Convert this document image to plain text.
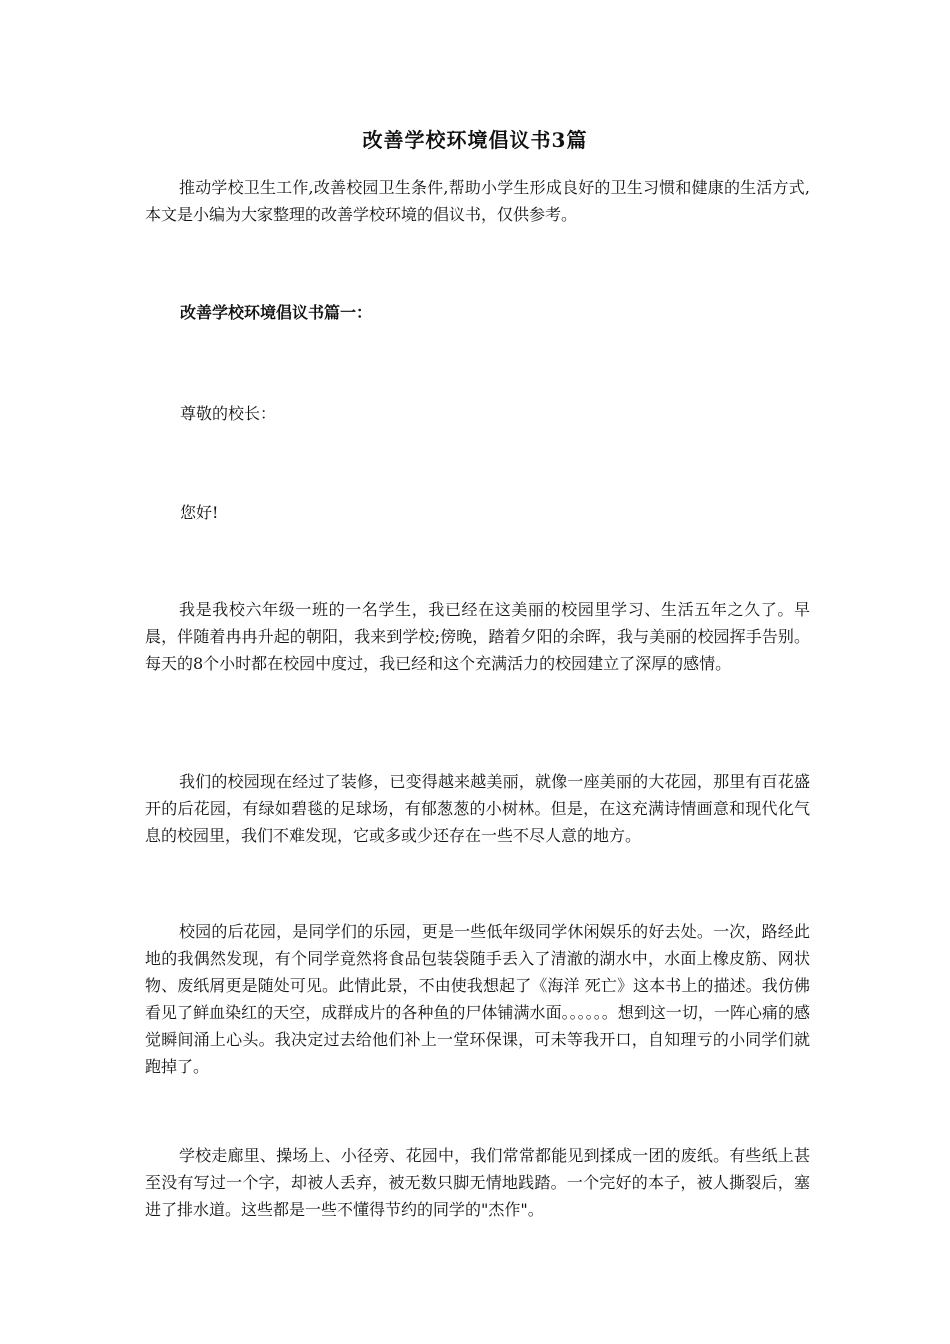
改善学校环境倡议书3篇
推动学校卫生工作,改善校园卫生条件,帮助小学生形成良好的卫生习惯和健康的生活方式,本文是小编为大家整理的改善学校环境的倡议书，仅供参考。
改善学校环境倡议书篇一：
尊敬的校长：
您好!
我是我校六年级一班的一名学生，我已经在这美丽的校园里学习、生活五年之久了。早晨，伴随着冉冉升起的朝阳，我来到学校;傍晚，踏着夕阳的余晖，我与美丽的校园挥手告别。每天的8个小时都在校园中度过，我已经和这个充满活力的校园建立了深厚的感情。
我们的校园现在经过了装修，已变得越来越美丽，就像一座美丽的大花园，那里有百花盛开的后花园，有绿如碧毯的足球场，有郁葱葱的小树林。但是，在这充满诗情画意和现代化气息的校园里，我们不难发现，它或多或少还存在一些不尽人意的地方。
校园的后花园，是同学们的乐园，更是一些低年级同学休闲娱乐的好去处。一次，路经此地的我偶然发现，有个同学竟然将食品包装袋随手丢入了清澈的湖水中，水面上橡皮筋、网状物、废纸屑更是随处可见。此情此景，不由使我想起了《海洋 死亡》这本书上的描述。我仿佛看见了鲜血染红的天空，成群成片的各种鱼的尸体铺满水面。。。。。。想到这一切，一阵心痛的感觉瞬间涌上心头。我决定过去给他们补上一堂环保课，可未等我开口，自知理亏的小同学们就跑掉了。
学校走廊里、操场上、小径旁、花园中，我们常常都能见到揉成一团的废纸。有些纸上甚至没有写过一个字，却被人丢弃，被无数只脚无情地践踏。一个完好的本子，被人撕裂后，塞进了排水道。这些都是一些不懂得节约的同学的"杰作"。
